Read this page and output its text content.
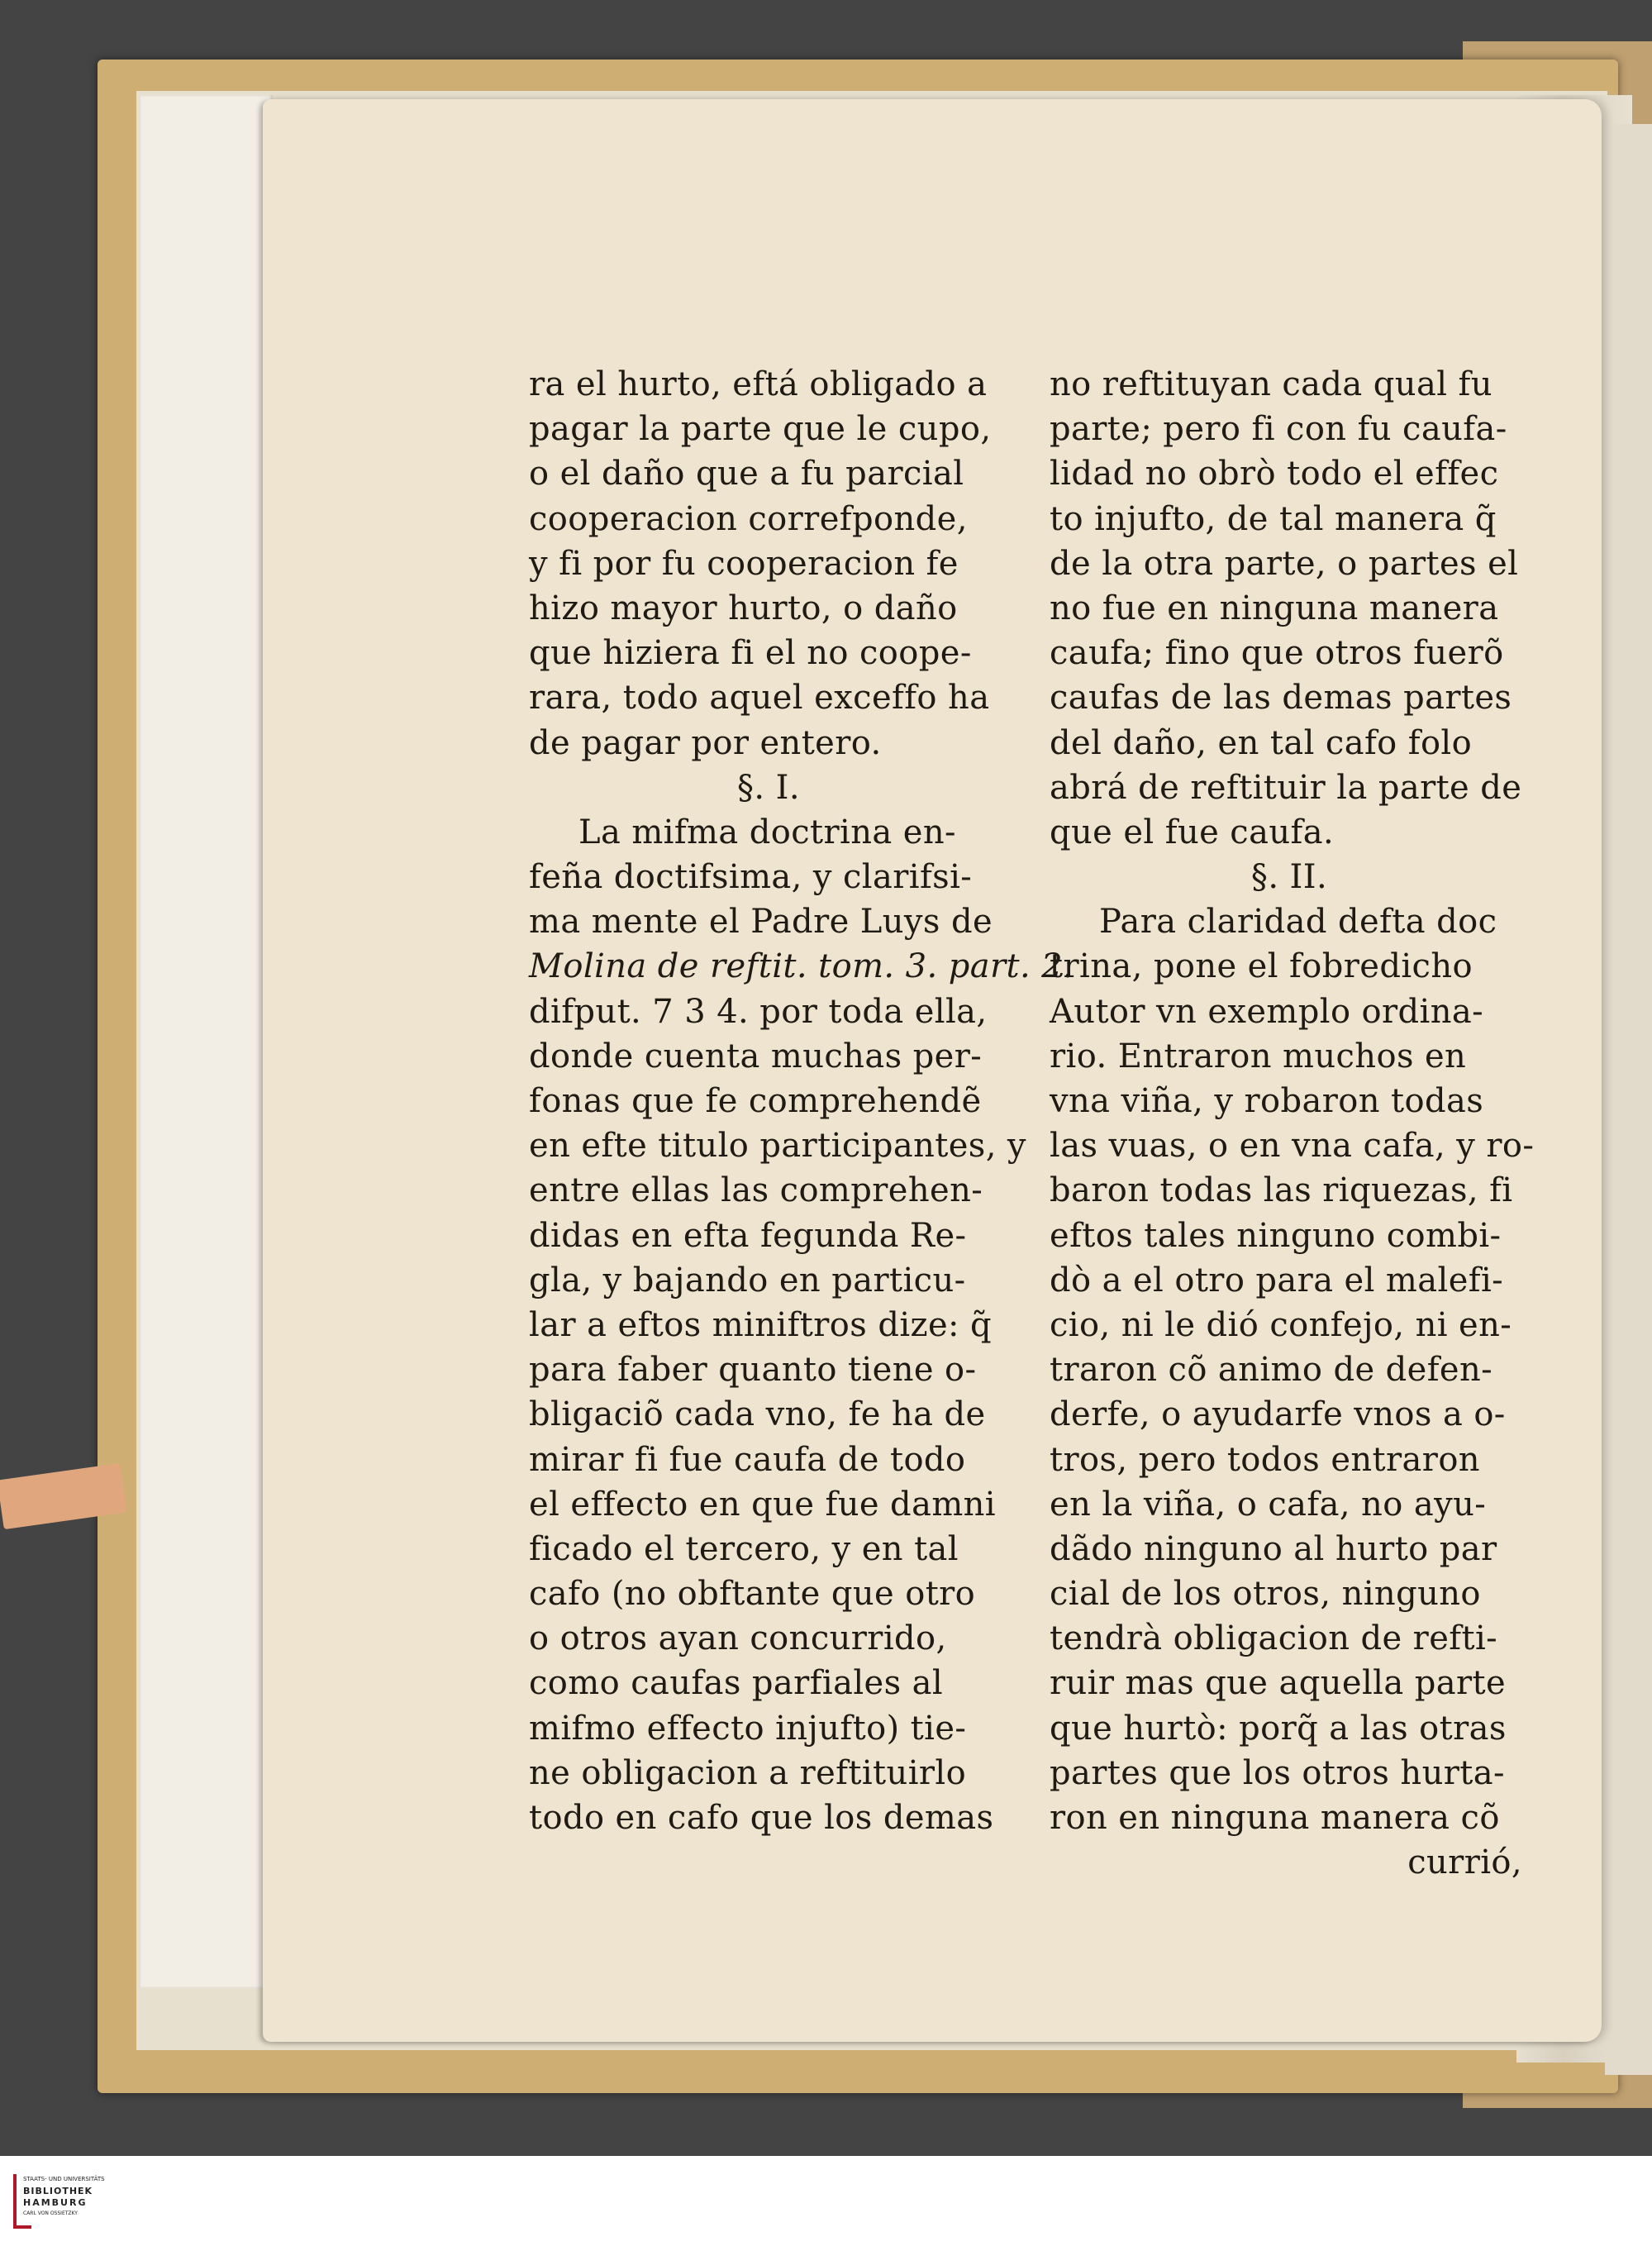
ra el hurto, eftá obligado a
pagar la parte que le cupo,
o el daño que a fu parcial
cooperacion correfponde,
y fi por fu cooperacion fe
hizo mayor hurto, o daño
que hiziera fi el no coope-
rara, todo aquel exceffo ha
de pagar por entero.
§. I.
La mifma doctrina en-
feña doctifsima, y clarifsi-
ma mente el Padre Luys de
Molina de reftit. tom. 3. part. 2.
difput. 7 3 4. por toda ella,
donde cuenta muchas per-
fonas que fe comprehendẽ
en efte titulo participantes, y
entre ellas las comprehen-
didas en efta fegunda Re-
gla, y bajando en particu-
lar a eftos miniftros dize: q̃
para faber quanto tiene o-
bligaciõ cada vno, fe ha de
mirar fi fue caufa de todo
el effecto en que fue damni
ficado el tercero, y en tal
cafo (no obftante que otro
o otros ayan concurrido,
como caufas parfiales al
mifmo effecto injufto) tie-
ne obligacion a reftituirlo
todo en cafo que los demas
no reftituyan cada qual fu
parte; pero fi con fu caufa-
lidad no obrò todo el effec
to injufto, de tal manera q̃
de la otra parte, o partes el
no fue en ninguna manera
caufa; fino que otros fuerõ
caufas de las demas partes
del daño, en tal cafo folo
abrá de reftituir la parte de
que el fue caufa.
§. II.
Para claridad defta doc
trina, pone el fobredicho
Autor vn exemplo ordina-
rio. Entraron muchos en
vna viña, y robaron todas
las vuas, o en vna cafa, y ro-
baron todas las riquezas, fi
eftos tales ninguno combi-
dò a el otro para el malefi-
cio, ni le dió confejo, ni en-
traron cõ animo de defen-
derfe, o ayudarfe vnos a o-
tros, pero todos entraron
en la viña, o cafa, no ayu-
dãdo ninguno al hurto par
cial de los otros, ninguno
tendrà obligacion de refti-
ruir mas que aquella parte
que hurtò: porq̃ a las otras
partes que los otros hurta-
ron en ninguna manera cõ
currió,
STAATS- UND UNIVERSITÄTS
BIBLIOTHEK
HAMBURG
CARL VON OSSIETZKY
